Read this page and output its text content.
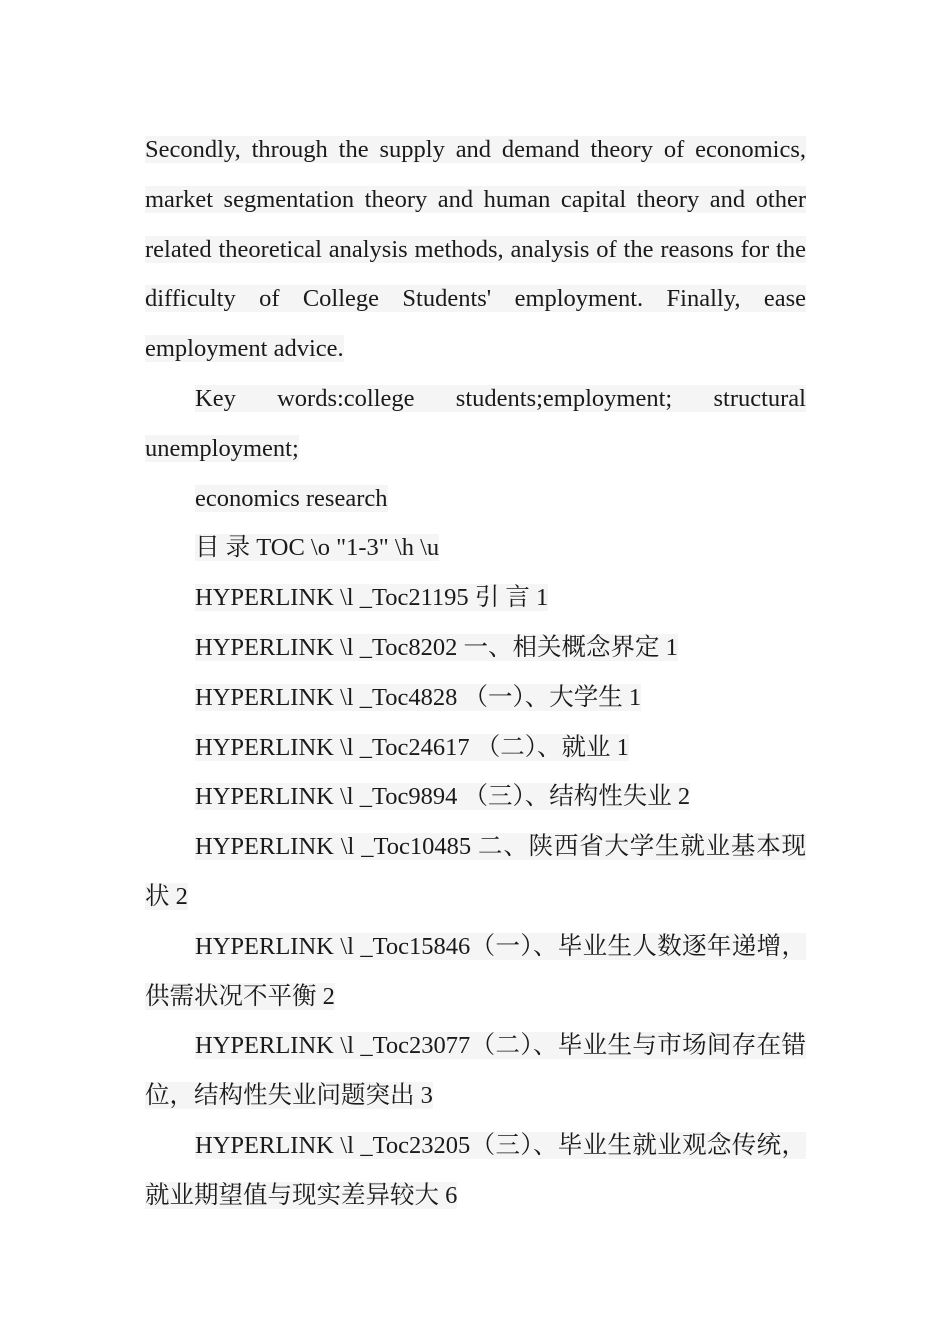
Secondly, through the supply and demand theory of economics, market segmentation theory and human capital theory and other related theoretical analysis methods, analysis of the reasons for the difficulty of College Students' employment. Finally, ease employment advice.

Key words:college students;employment; structural unemployment;

economics research

目 录 TOC \o "1-3" \h \u

HYPERLINK \l _Toc21195 引 言 1

HYPERLINK \l _Toc8202 一、相关概念界定 1

HYPERLINK \l _Toc4828 （一）、大学生 1

HYPERLINK \l _Toc24617 （二）、就业 1

HYPERLINK \l _Toc9894 （三）、结构性失业 2

HYPERLINK \l _Toc10485 二、陕西省大学生就业基本现状 2

HYPERLINK \l _Toc15846（一）、毕业生人数逐年递增，供需状况不平衡 2

HYPERLINK \l _Toc23077（二）、毕业生与市场间存在错位，结构性失业问题突出 3

HYPERLINK \l _Toc23205（三）、毕业生就业观念传统，就业期望值与现实差异较大 6
